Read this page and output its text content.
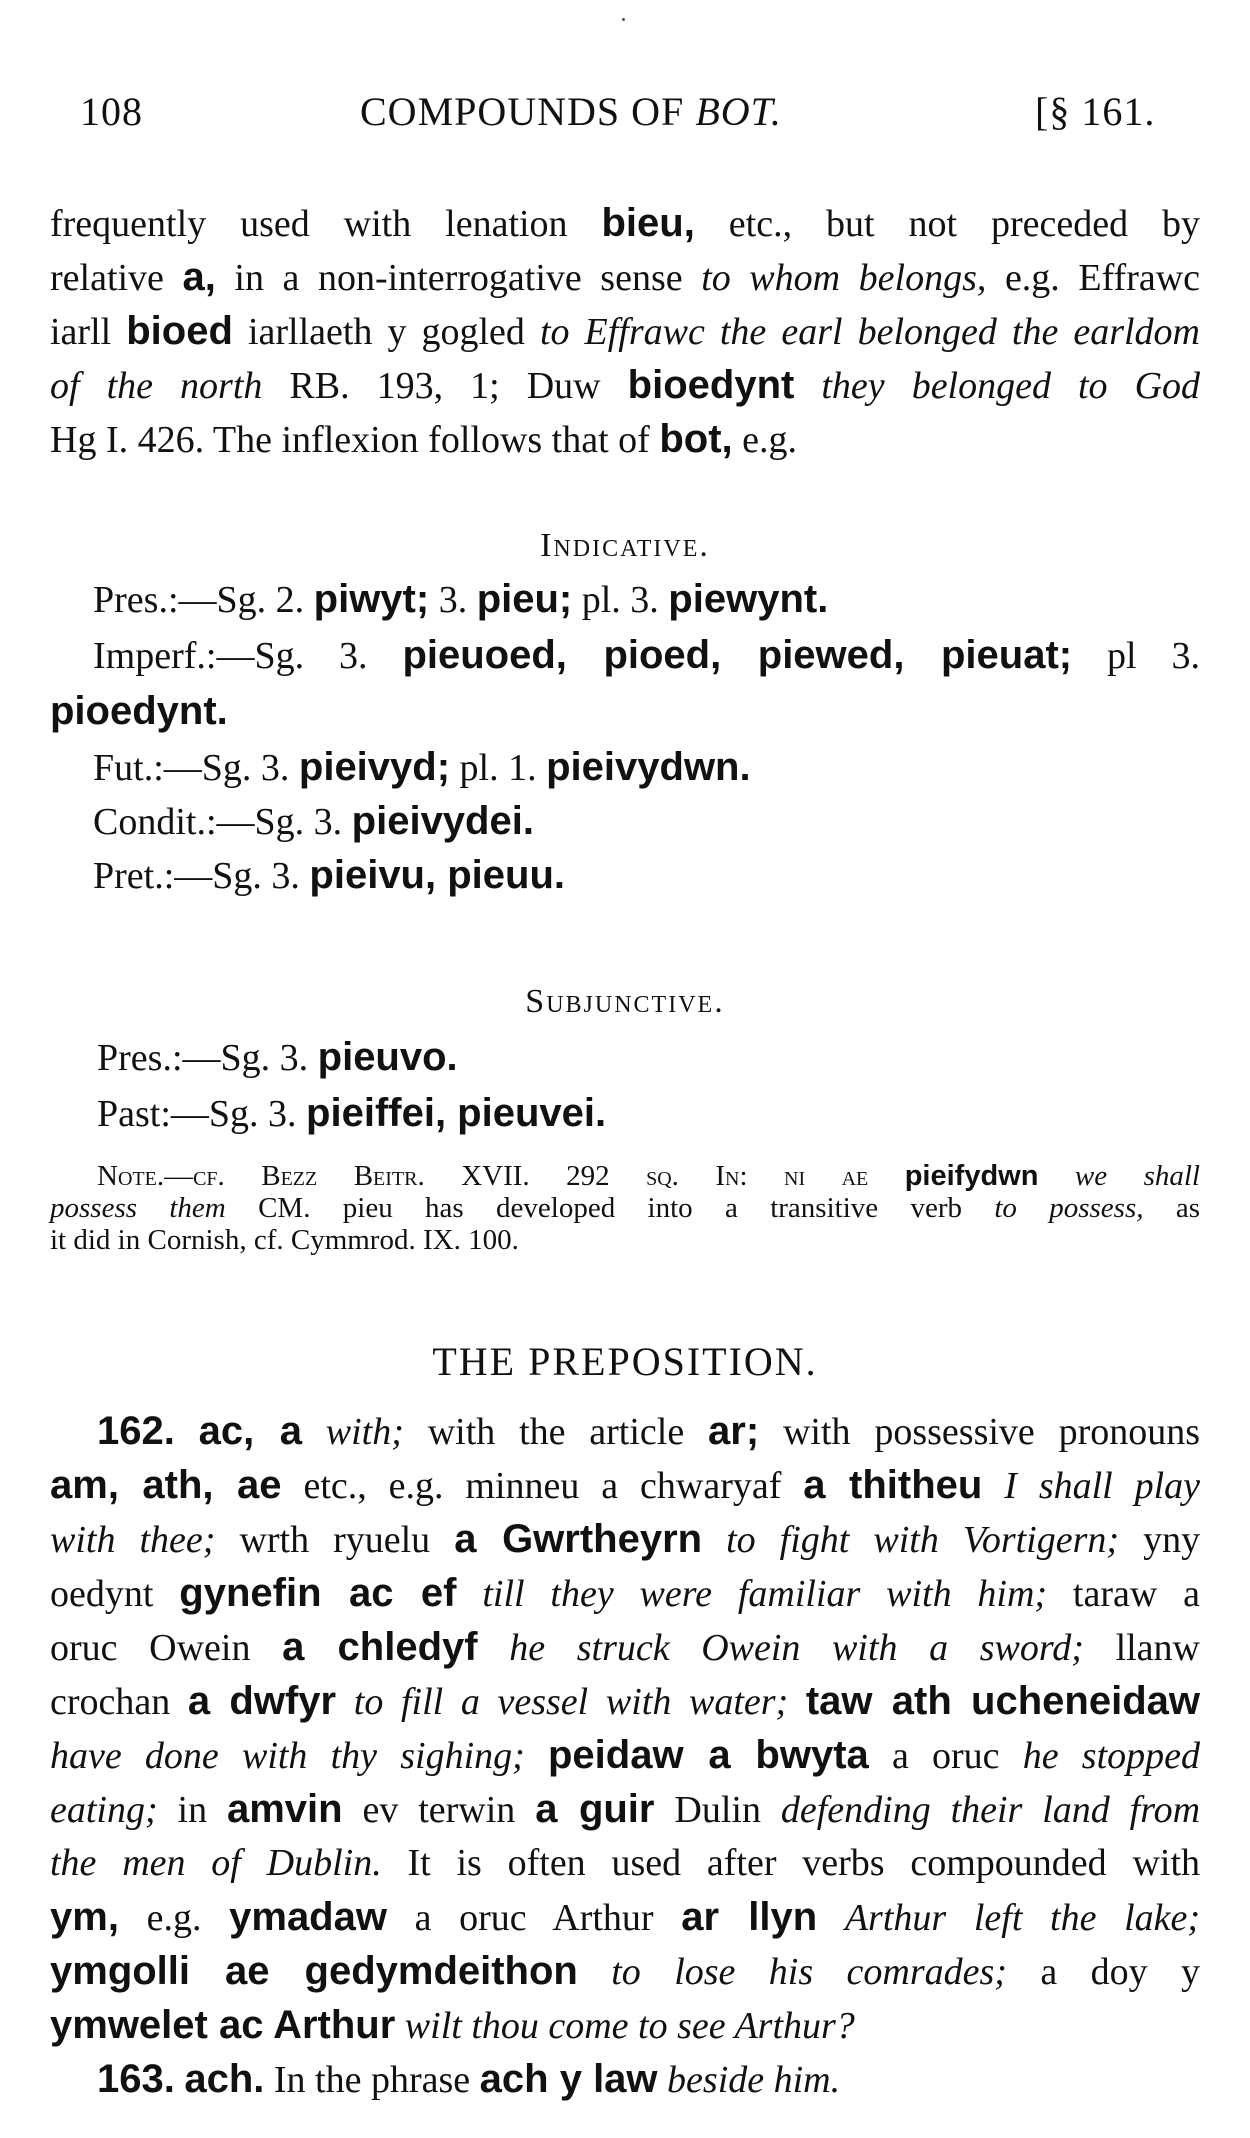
108	COMPOUNDS OF BOT.	[§ 161.
frequently used with lenation bieu, etc., but not preceded by
relative a, in a non-interrogative sense to whom belongs, e.g. Effrawc
iarll bioed iarllaeth y gogled to Effrawc the earl belonged the earldom
of the north RB. 193, 1; Duw bioedynt they belonged to God
Hg I. 426. The inflexion follows that of bot, e.g.
Indicative.
Pres.:—Sg. 2. piwyt; 3. pieu; pl. 3. piewynt.
Imperf.:—Sg. 3. pieuoed, pioed, piewed, pieuat; pl 3.
pioedynt.
Fut.:—Sg. 3. pieivyd; pl. 1. pieivydwn.
Condit.:—Sg. 3. pieivydei.
Pret.:—Sg. 3. pieivu, pieuu.
Subjunctive.
Pres.:—Sg. 3. pieuvo.
Past:—Sg. 3. pieiffei, pieuvei.
Note.—cf. Bezz Beitr. XVII. 292 sq. In: ni ae pieifydwn we shall
possess them CM. pieu has developed into a transitive verb to possess, as
it did in Cornish, cf. Cymmrod. IX. 100.
THE PREPOSITION.
162. ac, a with; with the article ar; with possessive pronouns
am, ath, ae etc., e.g. minneu a chwaryaf a thitheu I shall play
with thee; wrth ryuelu a Gwrtheyrn to fight with Vortigern; yny
oedynt gynefin ac ef till they were familiar with him; taraw a
oruc Owein a chledyf he struck Owein with a sword; llanw
crochan a dwfyr to fill a vessel with water; taw ath ucheneidaw
have done with thy sighing; peidaw a bwyta a oruc he stopped
eating; in amvin ev terwin a guir Dulin defending their land from
the men of Dublin. It is often used after verbs compounded with
ym, e.g. ymadaw a oruc Arthur ar llyn Arthur left the lake;
ymgolli ae gedymdeithon to lose his comrades; a doy y
ymwelet ac Arthur wilt thou come to see Arthur?
163. ach. In the phrase ach y law beside him.
